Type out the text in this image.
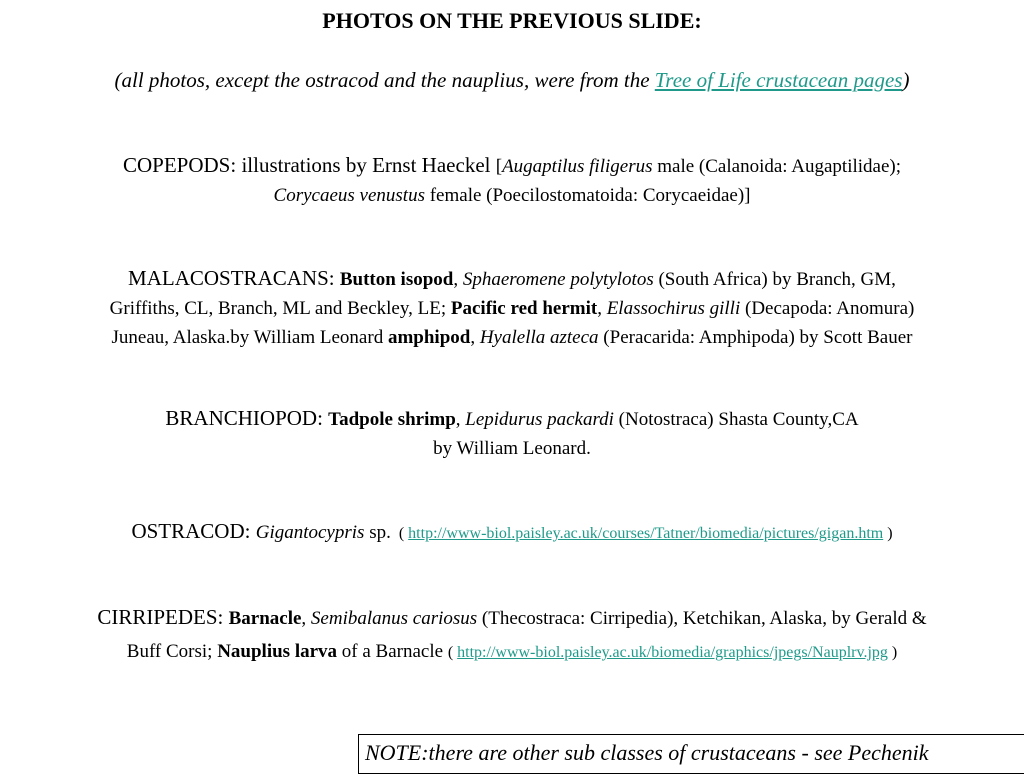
PHOTOS ON THE PREVIOUS SLIDE:
(all photos, except the ostracod and the nauplius, were from the Tree of Life crustacean pages)
COPEPODS: illustrations by Ernst Haeckel [Augaptilus filigerus male (Calanoida: Augaptilidae);
Corycaeus venustus female (Poecilostomatoida: Corycaeidae)]
MALACOSTRACANS: Button isopod, Sphaeromene polytylotos (South Africa) by Branch, GM,
Griffiths, CL, Branch, ML and Beckley, LE; Pacific red hermit, Elassochirus gilli (Decapoda: Anomura)
Juneau, Alaska.by William Leonard amphipod, Hyalella azteca (Peracarida: Amphipoda) by Scott Bauer
BRANCHIOPOD: Tadpole shrimp, Lepidurus packardi (Notostraca) Shasta County,CA
by William Leonard.
OSTRACOD: Gigantocypris sp.  ( http://www-biol.paisley.ac.uk/courses/Tatner/biomedia/pictures/gigan.htm )
CIRRIPEDES: Barnacle, Semibalanus cariosus (Thecostraca: Cirripedia), Ketchikan, Alaska, by Gerald &
Buff Corsi; Nauplius larva of a Barnacle ( http://www-biol.paisley.ac.uk/biomedia/graphics/jpegs/Nauplrv.jpg )
NOTE:there are other sub classes of crustaceans - see Pechenik
